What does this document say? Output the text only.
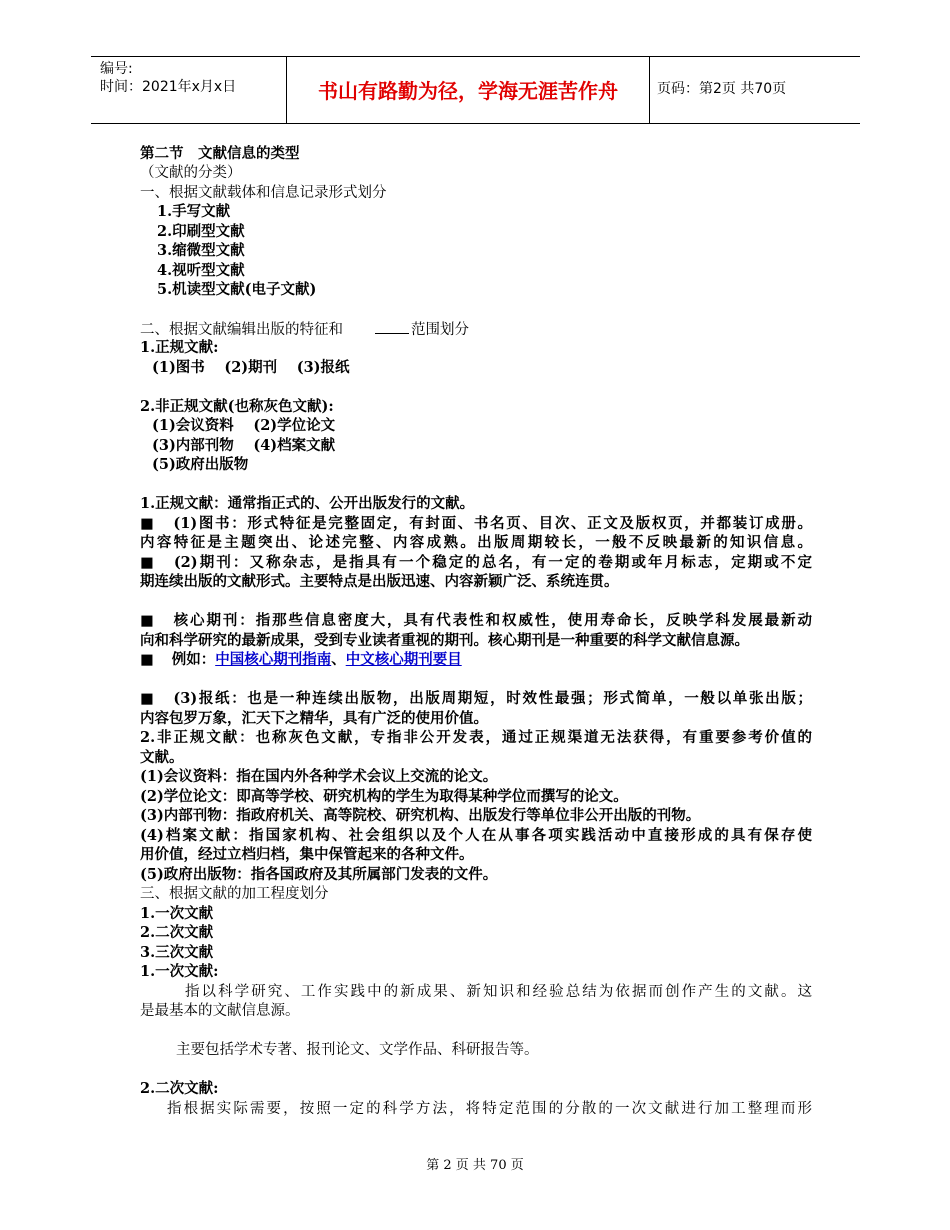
编号:
时间：2021年x月x日	书山有路勤为径，学海无涯苦作舟	页码：第2页 共70页
第二节　文献信息的类型
（文献的分类）
一、根据文献载体和信息记录形式划分
1.手写文献
2.印刷型文献
3.缩微型文献
4.视听型文献
5.机读型文献(电子文献)
二、根据文献编辑出版的特征和	范围划分
1.正规文献:
(1)图书　 (2)期刊　 (3)报纸
2.非正规文献(也称灰色文献):
(1)会议资料　 (2)学位论文
(3)内部刊物　 (4)档案文献
(5)政府出版物
1.正规文献：通常指正式的、公开出版发行的文献。
■ (1)图书：形式特征是完整固定，有封面、书名页、目次、正文及版权页，并都装订成册。
内容特征是主题突出、论述完整、内容成熟。出版周期较长，一般不反映最新的知识信息。
■ (2)期刊：又称杂志，是指具有一个稳定的总名，有一定的卷期或年月标志，定期或不定
期连续出版的文献形式。主要特点是出版迅速、内容新颖广泛、系统连贯。
■ 核心期刊：指那些信息密度大，具有代表性和权威性，使用寿命长，反映学科发展最新动
向和科学研究的最新成果，受到专业读者重视的期刊。核心期刊是一种重要的科学文献信息源。
■ 例如：中国核心期刊指南、中文核心期刊要目
■ (3)报纸：也是一种连续出版物，出版周期短，时效性最强；形式简单，一般以单张出版；
内容包罗万象，汇天下之精华，具有广泛的使用价值。
2.非正规文献：也称灰色文献，专指非公开发表，通过正规渠道无法获得，有重要参考价值的
文献。
(1)会议资料：指在国内外各种学术会议上交流的论文。
(2)学位论文：即高等学校、研究机构的学生为取得某种学位而撰写的论文。
(3)内部刊物：指政府机关、高等院校、研究机构、出版发行等单位非公开出版的刊物。
(4)档案文献：指国家机构、社会组织以及个人在从事各项实践活动中直接形成的具有保存使
用价值，经过立档归档，集中保管起来的各种文件。
(5)政府出版物：指各国政府及其所属部门发表的文件。
三、根据文献的加工程度划分
1.一次文献
2.二次文献
3.三次文献
1.一次文献:
指以科学研究、工作实践中的新成果、新知识和经验总结为依据而创作产生的文献。这
是最基本的文献信息源。
主要包括学术专著、报刊论文、文学作品、科研报告等。
2.二次文献:
指根据实际需要，按照一定的科学方法，将特定范围的分散的一次文献进行加工整理而形
第 2 页 共 70 页
